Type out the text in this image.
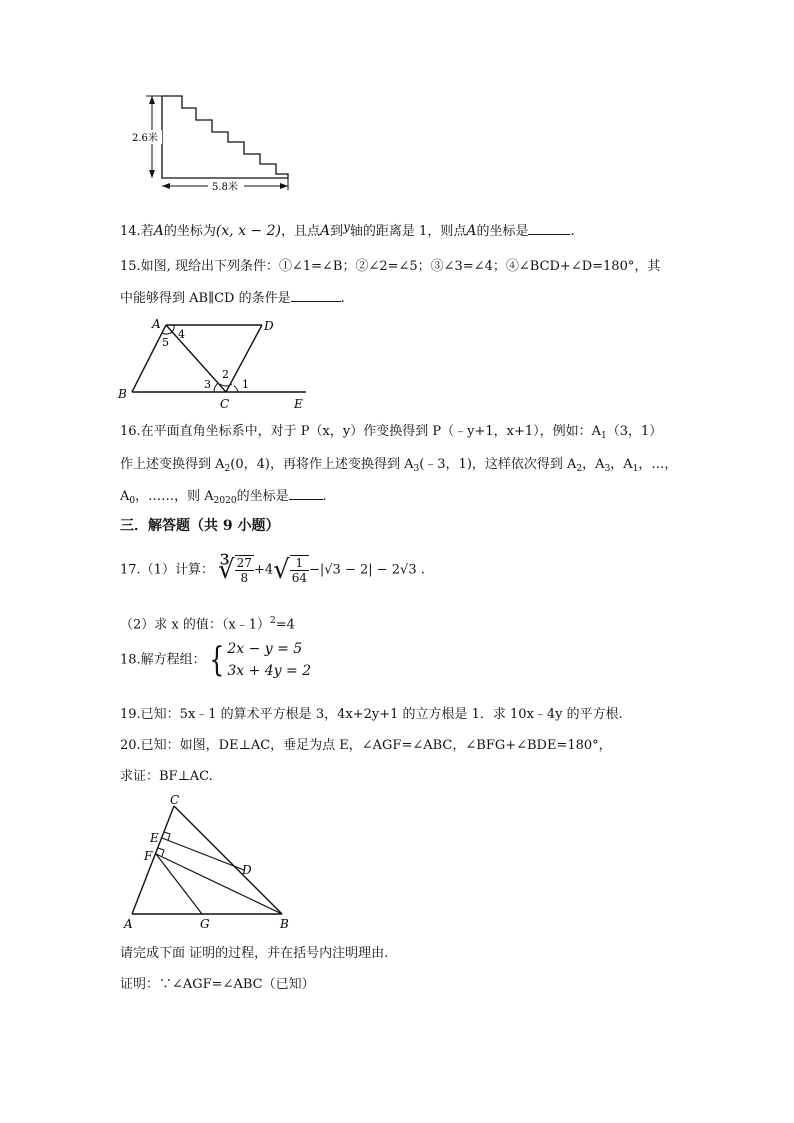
2.6米
5.8米
14.若A的坐标为(x, x − 2)，且点A到y轴的距离是 1，则点A的坐标是	.
15.如图, 现给出下列条件：①∠1=∠B；②∠2=∠5；③∠3=∠4；④∠BCD+∠D=180°，其
中能够得到 AB∥CD 的条件是	.
A	D
B
C	E
4
5
3
2
1
16.在平面直角坐标系中，对于 P（x，y）作变换得到 P（﹣y+1，x+1），例如：$A_1(3$，1）
作上述变换得到 $A_2(0$，4)，再将作上述变换得到 $A_3(﹣3$，1)，这样依次得到 $A_2$，$A_3$，$A_1$，…，
$A_0$，……，则 $A_{2020}$的坐标是	.
三．解答题（共 9 小题）
17.（1）计算： ∛ $\frac{27}{8} +4√ \frac{1}{64} -|√3 - 2| - 2√3$ .
（2）求 x 的值：（x﹣1）$^2$=4
18.解方程组：{ 2x − y = 5
3x + 4y = 2
19.已知：5x﹣1 的算术平方根是 3，4x+2y+1 的立方根是 1．求 10x﹣4y 的平方根.
20.已知：如图，DE⊥AC，垂足为点 E，∠AGF=∠ABC，∠BFG+∠BDE=180°，
求证：BF⊥AC.
C
E
F
D
A	G	B
请完成下面 证明的过程，并在括号内注明理由.
证明：∵∠AGF=∠ABC（已知）
